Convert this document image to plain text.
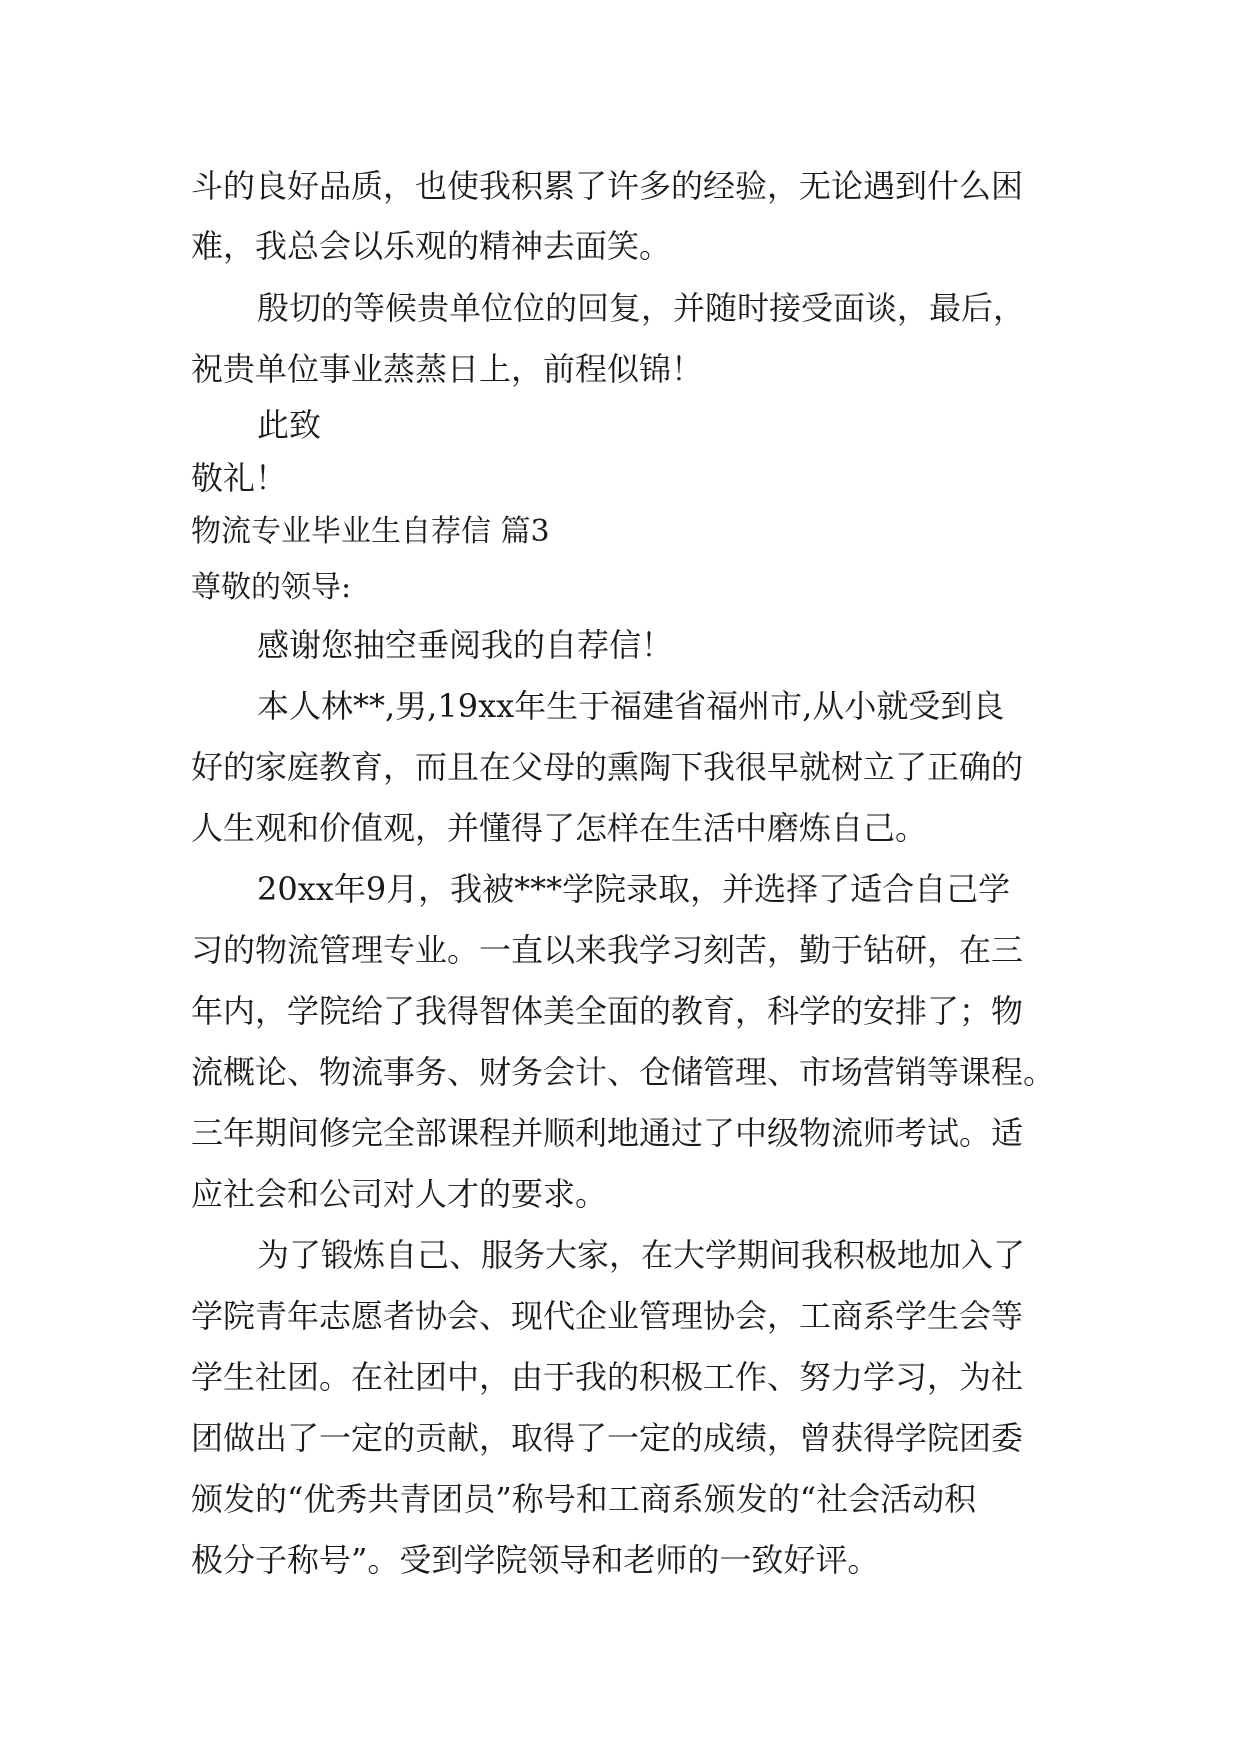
斗的良好品质，也使我积累了许多的经验，无论遇到什么困
难，我总会以乐观的精神去面笑。
殷切的等候贵单位位的回复，并随时接受面谈，最后，
祝贵单位事业蒸蒸日上，前程似锦！
此致
敬礼！
物流专业毕业生自荐信 篇3
尊敬的领导:
感谢您抽空垂阅我的自荐信！
本人林**,男,19xx年生于福建省福州市,从小就受到良
好的家庭教育，而且在父母的熏陶下我很早就树立了正确的
人生观和价值观，并懂得了怎样在生活中磨炼自己。
20xx年9月，我被***学院录取，并选择了适合自己学
习的物流管理专业。一直以来我学习刻苦，勤于钻研，在三
年内，学院给了我得智体美全面的教育，科学的安排了；物
流概论、物流事务、财务会计、仓储管理、市场营销等课程。
三年期间修完全部课程并顺利地通过了中级物流师考试。适
应社会和公司对人才的要求。
为了锻炼自己、服务大家，在大学期间我积极地加入了
学院青年志愿者协会、现代企业管理协会，工商系学生会等
学生社团。在社团中，由于我的积极工作、努力学习，为社
团做出了一定的贡献，取得了一定的成绩，曾获得学院团委
颁发的“优秀共青团员”称号和工商系颁发的“社会活动积
极分子称号”。受到学院领导和老师的一致好评。
